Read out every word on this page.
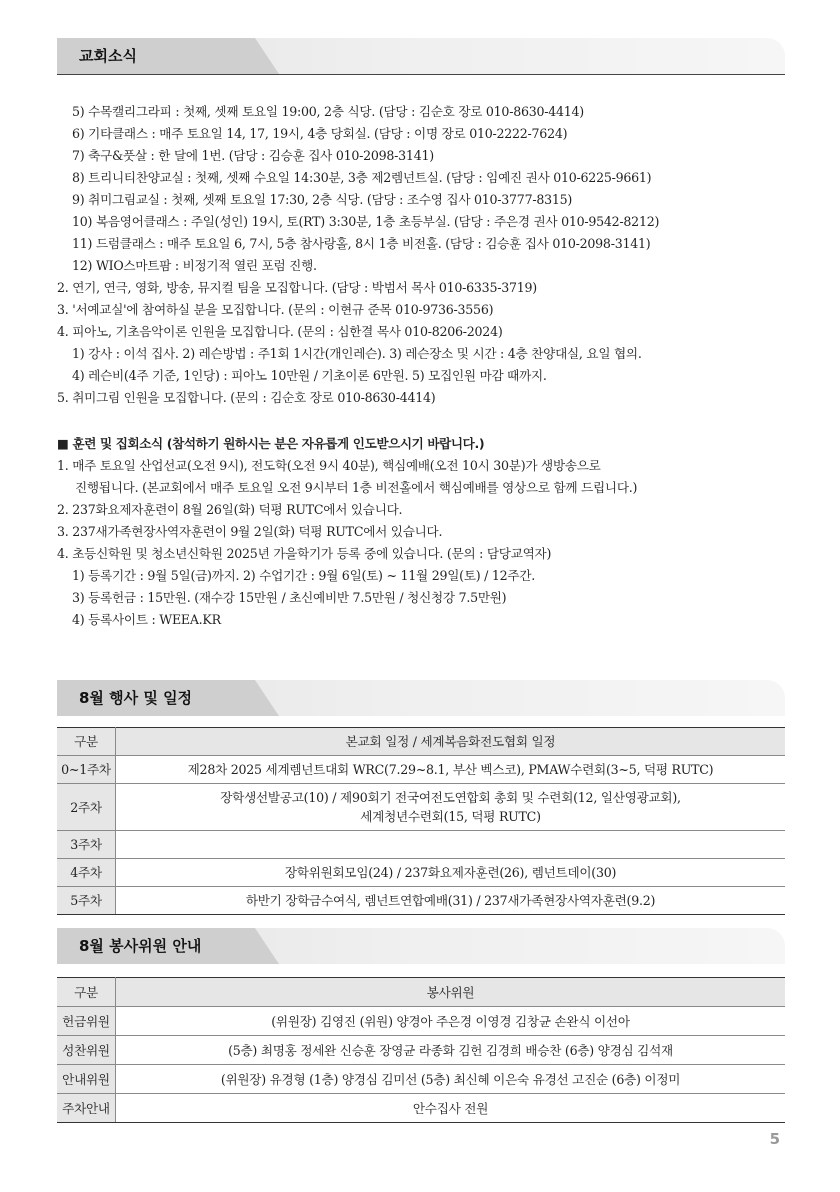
교회소식
5) 수목캘리그라피 : 첫째, 셋째 토요일 19:00, 2층 식당. (담당 : 김순호 장로 010-8630-4414)
6) 기타클래스 : 매주 토요일 14, 17, 19시, 4층 당회실. (담당 : 이명 장로 010-2222-7624)
7) 축구&풋살 : 한 달에 1번. (담당 : 김승훈 집사 010-2098-3141)
8) 트리니티찬양교실 : 첫째, 셋째 수요일 14:30분, 3층 제2렘넌트실. (담당 : 임예진 권사 010-6225-9661)
9) 취미그림교실 : 첫째, 셋째 토요일 17:30, 2층 식당. (담당 : 조수영 집사 010-3777-8315)
10) 복음영어클래스 : 주일(성인) 19시, 토(RT) 3:30분, 1층 초등부실. (담당 : 주은경 권사 010-9542-8212)
11) 드럼클래스 : 매주 토요일 6, 7시, 5층 참사랑홀, 8시 1층 비전홀. (담당 : 김승훈 집사 010-2098-3141)
12) WIO스마트팜 : 비정기적 열린 포럼 진행.
2. 연기, 연극, 영화, 방송, 뮤지컬 팀을 모집합니다. (담당 : 박범서 목사 010-6335-3719)
3. '서예교실'에 참여하실 분을 모집합니다. (문의 : 이현규 준목 010-9736-3556)
4. 피아노, 기초음악이론 인원을 모집합니다. (문의 : 심한결 목사 010-8206-2024)
1) 강사 : 이석 집사. 2) 레슨방법 : 주1회 1시간(개인레슨). 3) 레슨장소 및 시간 : 4층 찬양대실, 요일 협의.
4) 레슨비(4주 기준, 1인당) : 피아노 10만원 / 기초이론 6만원. 5) 모집인원 마감 때까지.
5. 취미그림 인원을 모집합니다. (문의 : 김순호 장로 010-8630-4414)
■ 훈련 및 집회소식 (참석하기 원하시는 분은 자유롭게 인도받으시기 바랍니다.)
1. 매주 토요일 산업선교(오전 9시), 전도학(오전 9시 40분), 핵심예배(오전 10시 30분)가 생방송으로
진행됩니다. (본교회에서 매주 토요일 오전 9시부터 1층 비전홀에서 핵심예배를 영상으로 함께 드립니다.)
2. 237화요제자훈련이 8월 26일(화) 덕평 RUTC에서 있습니다.
3. 237새가족현장사역자훈련이 9월 2일(화) 덕평 RUTC에서 있습니다.
4. 초등신학원 및 청소년신학원 2025년 가을학기가 등록 중에 있습니다. (문의 : 담당교역자)
1) 등록기간 : 9월 5일(금)까지. 2) 수업기간 : 9월 6일(토) ~ 11월 29일(토) / 12주간.
3) 등록헌금 : 15만원. (재수강 15만원 / 초신예비반 7.5만원 / 청신청강 7.5만원)
4) 등록사이트 : WEEA.KR
8월 행사 및 일정
구분	본교회 일정 / 세계복음화전도협회 일정
0~1주차	제28차 2025 세계렘넌트대회 WRC(7.29~8.1, 부산 벡스코), PMAW수련회(3~5, 덕평 RUTC)
2주차	장학생선발공고(10) / 제90회기 전국여전도연합회 총회 및 수련회(12, 일산영광교회),
세계청년수련회(15, 덕평 RUTC)

3주차	
4주차	장학위원회모임(24) / 237화요제자훈련(26), 렘넌트데이(30)
5주차	하반기 장학금수여식, 렘넌트연합예배(31) / 237새가족현장사역자훈련(9.2)
8월 봉사위원 안내
구분	봉사위원
헌금위원	(위원장) 김영진 (위원) 양경아 주은경 이영경 김창균 손완식 이선아
성찬위원	(5층) 최명홍 정세완 신승훈 장영균 라종화 김헌 김경희 배승찬 (6층) 양경심 김석재
안내위원	(위원장) 유경형 (1층) 양경심 김미선 (5층) 최신혜 이은숙 유경선 고진순 (6층) 이정미
주차안내	안수집사 전원
5
